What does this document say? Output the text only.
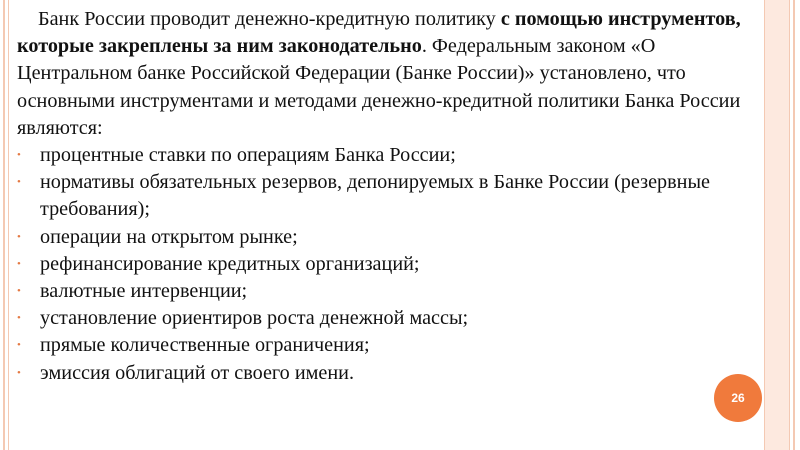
Банк России проводит денежно-кредитную политику с помощью инструментов, которые закреплены за ним законодательно. Федеральным законом «О Центральном банке Российской Федерации (Банке России)» установлено, что основными инструментами и методами денежно-кредитной политики Банка России являются:

• процентные ставки по операциям Банка России;
• нормативы обязательных резервов, депонируемых в Банке России (резервные требования);
• операции на открытом рынке;
• рефинансирование кредитных организаций;
• валютные интервенции;
• установление ориентиров роста денежной массы;
• прямые количественные ограничения;
• эмиссия облигаций от своего имени.
26
